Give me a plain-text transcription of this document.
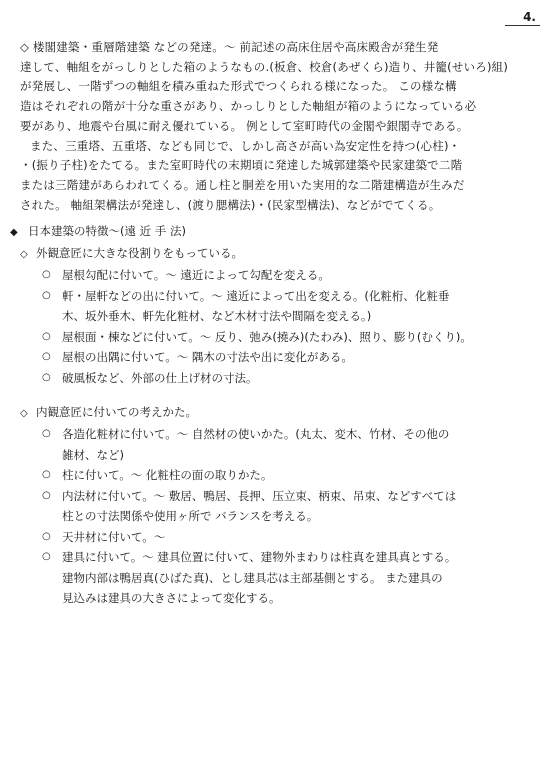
4.
◇ 楼閣建築・重層階建築 などの発達。～ 前記述の高床住居や高床殿舎が発生発
達して、軸組をがっしりとした箱のようなもの.(板倉、校倉(あぜくら)造り、井籠(せいろ)組)
が発展し、一階ずつの軸組を積み重ねた形式でつくられる様になった。 この様な構
造はそれぞれの階が十分な重さがあり、かっしりとした軸組が箱のようになっている必
要があり、地震や台風に耐え優れている。 例として室町時代の金閣や銀閣寺である。
また、三重塔、五重塔、なども同じで、しかし高さが高い為安定性を持つ(心柱)・
・(振り子柱)をたてる。また室町時代の末期頃に発達した城郭建築や民家建築で二階
または三階建があらわれてくる。通し柱と胴差を用いた実用的な二階建構造が生みだ
された。 軸組架構法が発達し、(渡り腮構法)・(民家型構法)、などがでてくる。
◆ 日本建築の特徴～(遠 近 手 法)
◇ 外観意匠に大きな役割りをもっている。
○ 屋根勾配に付いて。～ 遠近によって勾配を変える。
○ 軒・屋軒などの出に付いて。～ 遠近によって出を変える。(化粧桁、化粧垂
木、坂外垂木、軒先化粧材、など木材寸法や間隔を変える。)
○ 屋根面・棟などに付いて。～ 反り、弛み(撓み)(たわみ)、照り、膨り(むくり)。
○ 屋根の出隅に付いて。～ 隅木の寸法や出に変化がある。
○ 破風板など、外部の仕上げ材の寸法。
◇ 内観意匠に付いての考えかた。
○ 各造化粧材に付いて。～ 自然材の使いかた。(丸太、変木、竹材、その他の
雑材、など)
○ 柱に付いて。～ 化粧柱の面の取りかた。
○ 内法材に付いて。～ 敷居、鴨居、長押、压立束、柄束、吊束、などすべては
柱との寸法関係や使用ヶ所で バランスを考える。
○ 天井材に付いて。～
○ 建具に付いて。～ 建具位置に付いて、建物外まわりは柱真を建具真とする。
建物内部は鴨居真(ひばた真)、とし建具芯は主部基側とする。 また建具の
見込みは建具の大きさによって変化する。
